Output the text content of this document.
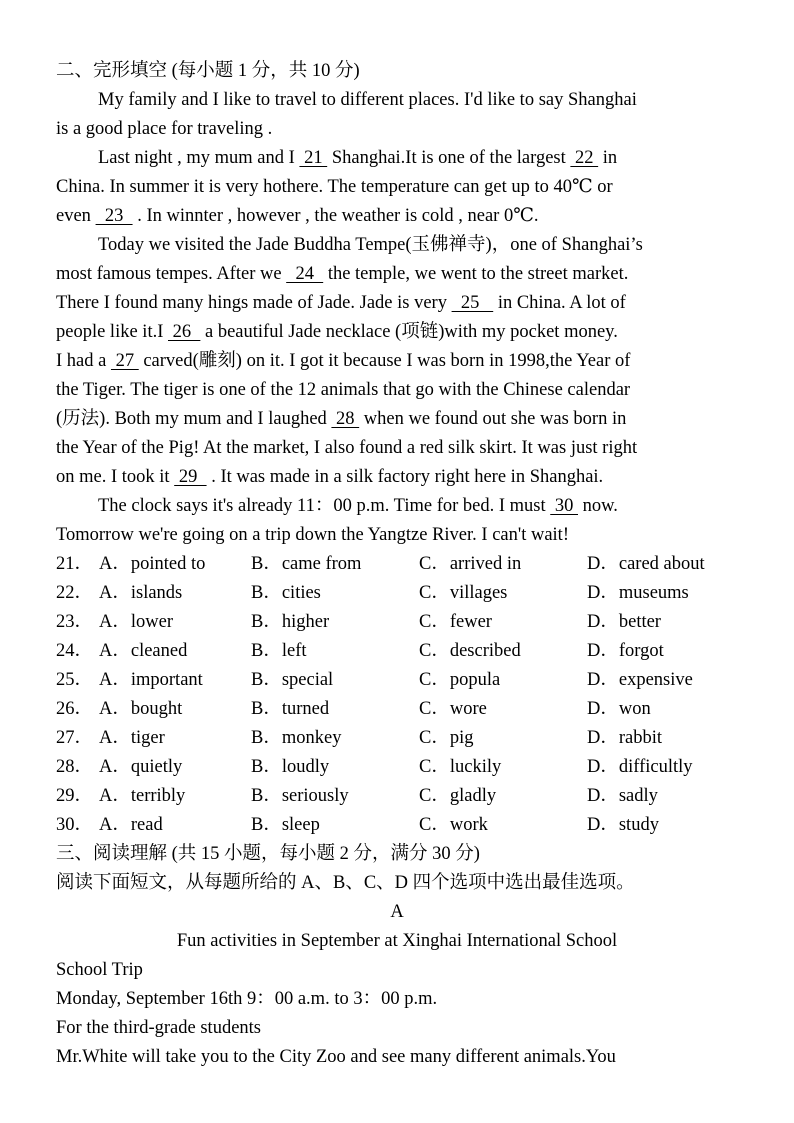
二、完形填空 (每小题 1 分，共 10 分)
My family and I like to travel to different places. I'd like to say Shanghai
is a good place for traveling .
Last night , my mum and I  21  Shanghai.It is one of the largest  22  in
China. In summer it is very hothere. The temperature can get up to 40℃ or
even   23   . In winnter , however , the weather is cold , near 0℃.
Today we visited the Jade Buddha Tempe(玉佛禅寺)，one of Shanghai’s
most famous tempes. After we   24   the temple, we went to the street market.
There I found many hings made of Jade. Jade is very   25    in China. A lot of
people like it.I  26   a beautiful Jade necklace (项链)with my pocket money.
I had a  27  carved(雕刻) on it. I got it because I was born in 1998,the Year of
the Tiger. The tiger is one of the 12 animals that go with the Chinese calendar
(历法). Both my mum and I laughed  28  when we found out she was born in
the Year of the Pig! At the market, I also found a red silk skirt. It was just right
on me. I took it  29   . It was made in a silk factory right here in Shanghai.
The clock says it's already 11：00 p.m. Time for bed. I must  30  now.
Tomorrow we're going on a trip down the Yangtze River. I can't wait!
21． A．pointed to B．came from	C．arrived in	D．cared about
22． A．islands	B．cities	C．villages	D．museums
23． A．lower	B．higher	C．fewer	D．better
24． A．cleaned	B．left	C．described	D．forgot
25． A．important	B．special	C．popula	D．expensive
26． A．bought	B．turned	C．wore	D．won
27． A．tiger	B．monkey	C．pig	D．rabbit
28． A．quietly	B．loudly	C．luckily	D．difficultly
29． A．terribly	B．seriously	C．gladly	D．sadly
30． A．read	B．sleep	C．work	D．study
三、阅读理解 (共 15 小题，每小题 2 分，满分 30 分)
阅读下面短文，从每题所给的 A、B、C、D 四个选项中选出最佳选项。
A
Fun activities in September at Xinghai International School
School Trip
Monday, September 16th 9：00 a.m. to 3：00 p.m.
For the third-grade students
Mr.White will take you to the City Zoo and see many different animals.You
